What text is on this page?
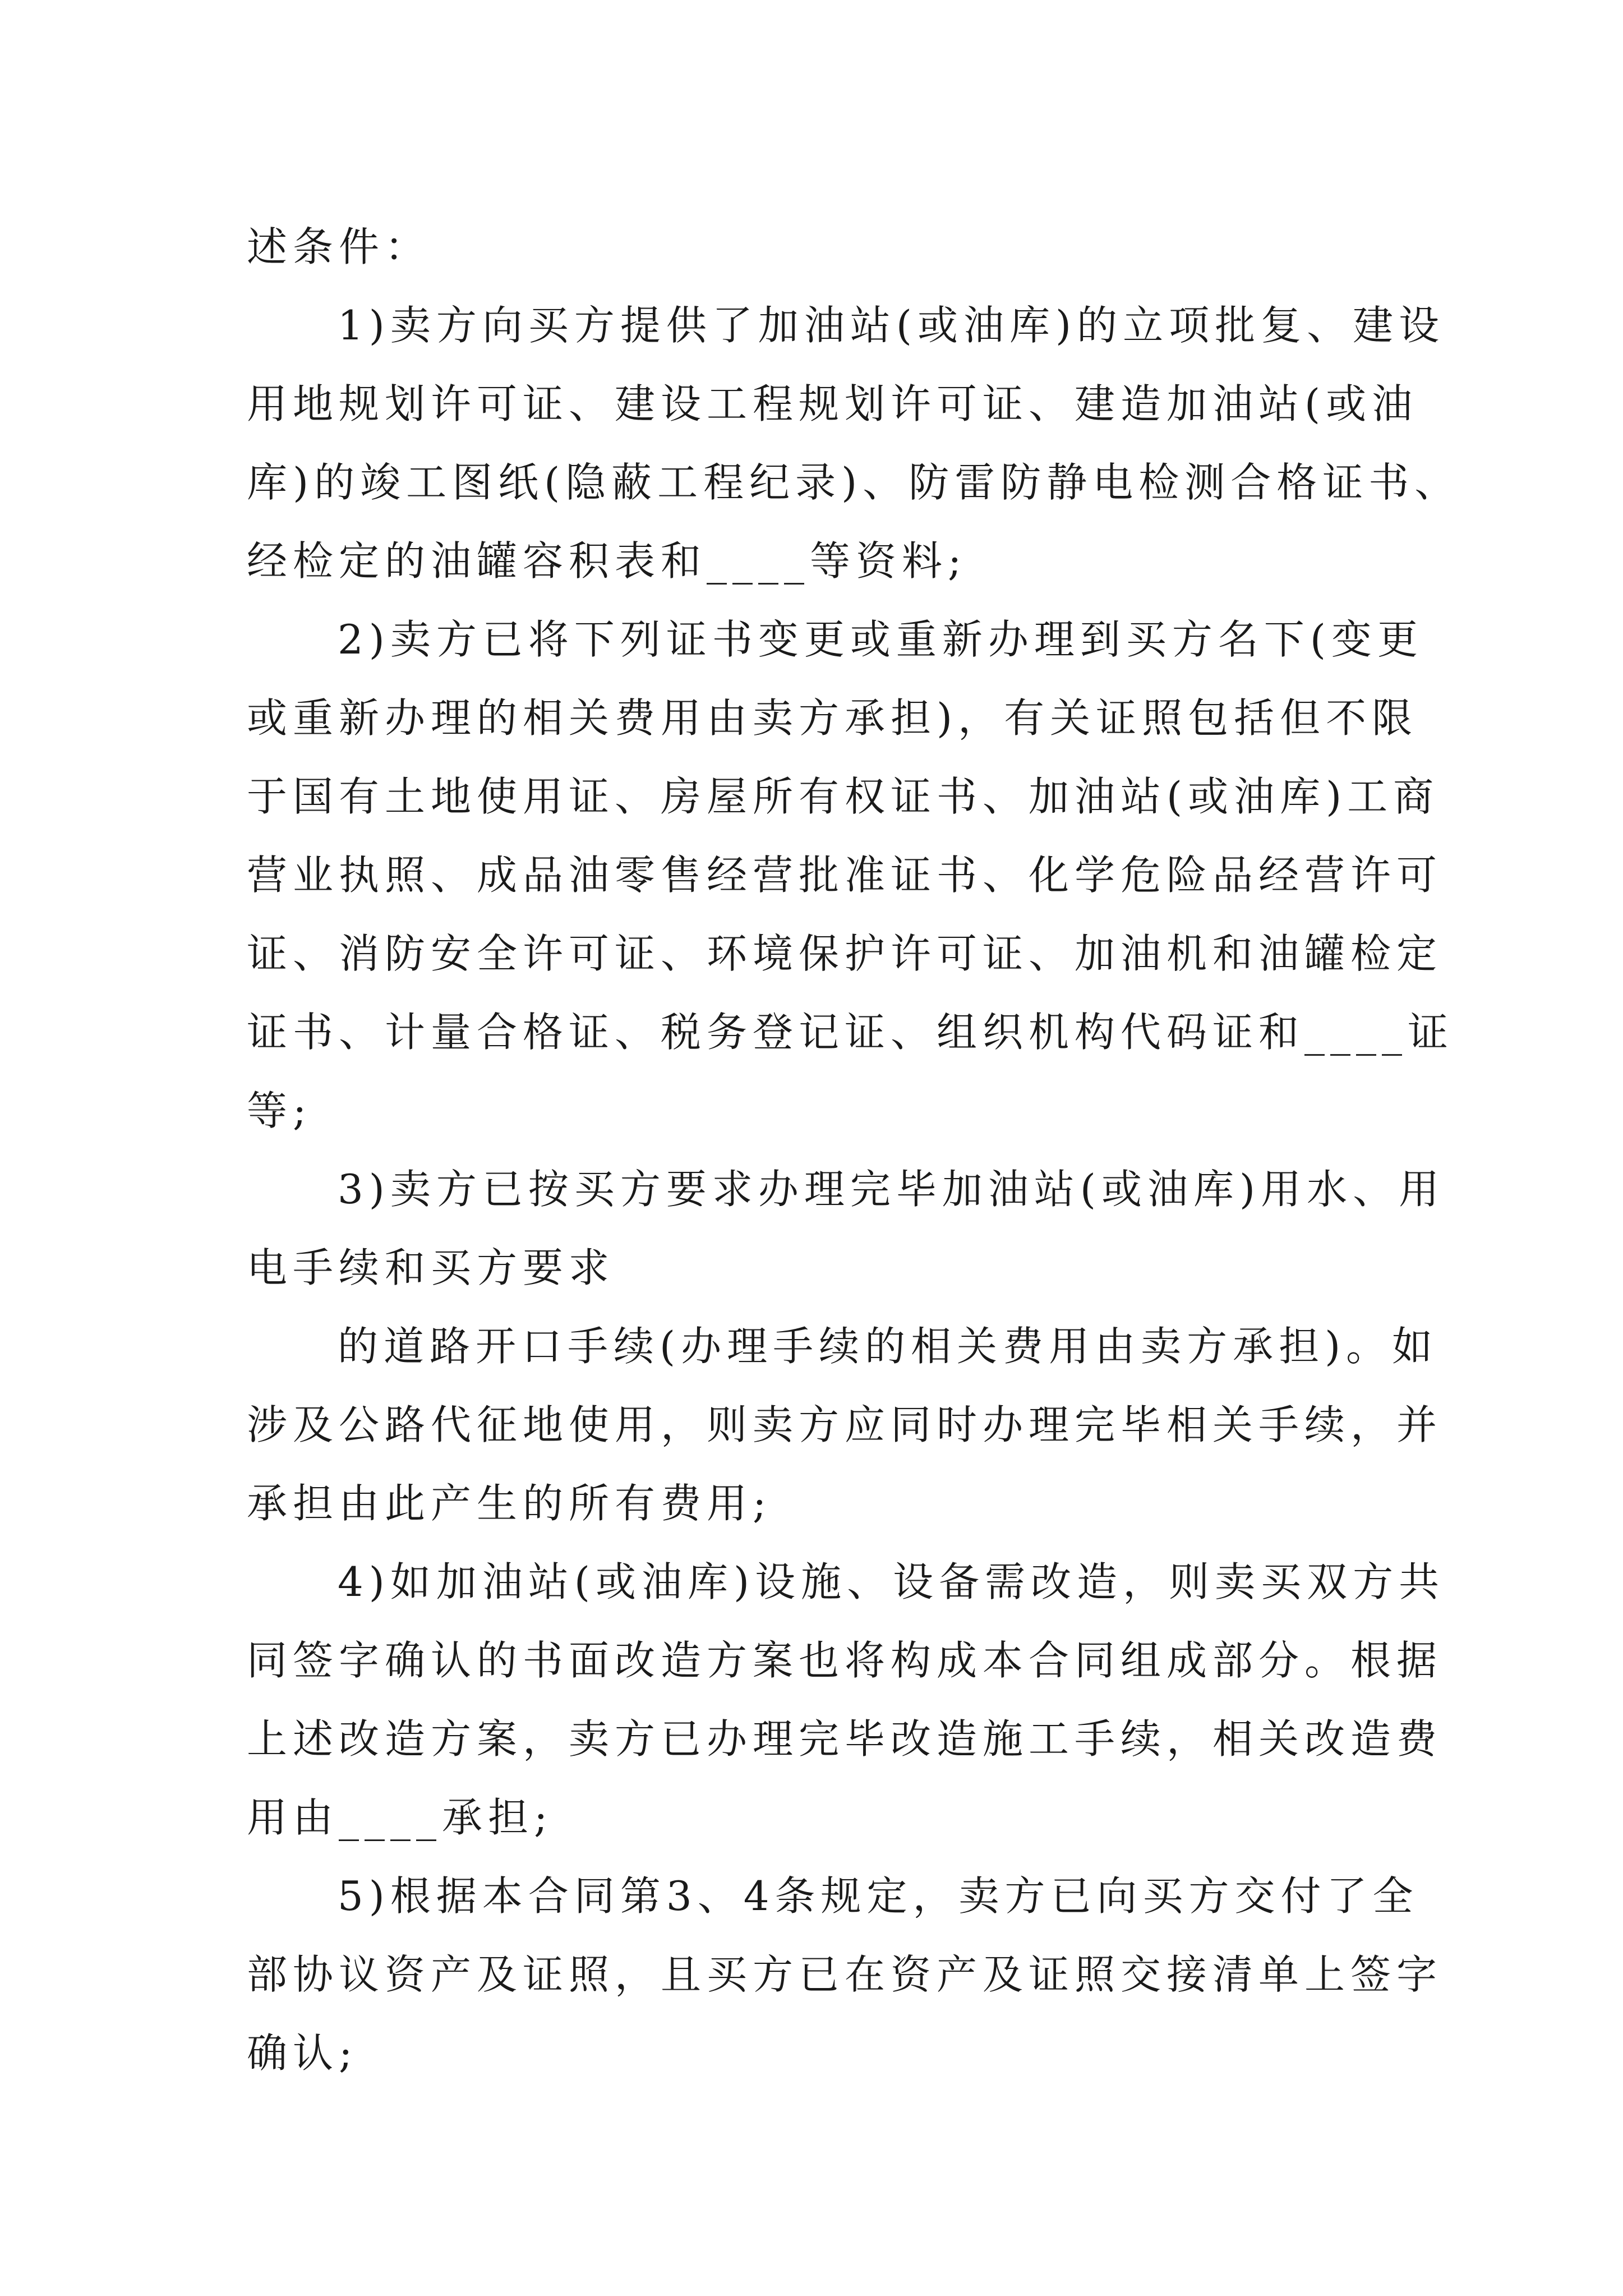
述条件：
1)卖方向买方提供了加油站(或油库)的立项批复、建设
用地规划许可证、建设工程规划许可证、建造加油站(或油
库)的竣工图纸(隐蔽工程纪录)、防雷防静电检测合格证书、
经检定的油罐容积表和____等资料;
2)卖方已将下列证书变更或重新办理到买方名下(变更
或重新办理的相关费用由卖方承担)，有关证照包括但不限
于国有土地使用证、房屋所有权证书、加油站(或油库)工商
营业执照、成品油零售经营批准证书、化学危险品经营许可
证、消防安全许可证、环境保护许可证、加油机和油罐检定
证书、计量合格证、税务登记证、组织机构代码证和____证
等;
3)卖方已按买方要求办理完毕加油站(或油库)用水、用
电手续和买方要求
的道路开口手续(办理手续的相关费用由卖方承担)。如
涉及公路代征地使用，则卖方应同时办理完毕相关手续，并
承担由此产生的所有费用;
4)如加油站(或油库)设施、设备需改造，则卖买双方共
同签字确认的书面改造方案也将构成本合同组成部分。根据
上述改造方案，卖方已办理完毕改造施工手续，相关改造费
用由____承担;
5)根据本合同第3、4条规定，卖方已向买方交付了全
部协议资产及证照，且买方已在资产及证照交接清单上签字
确认;
